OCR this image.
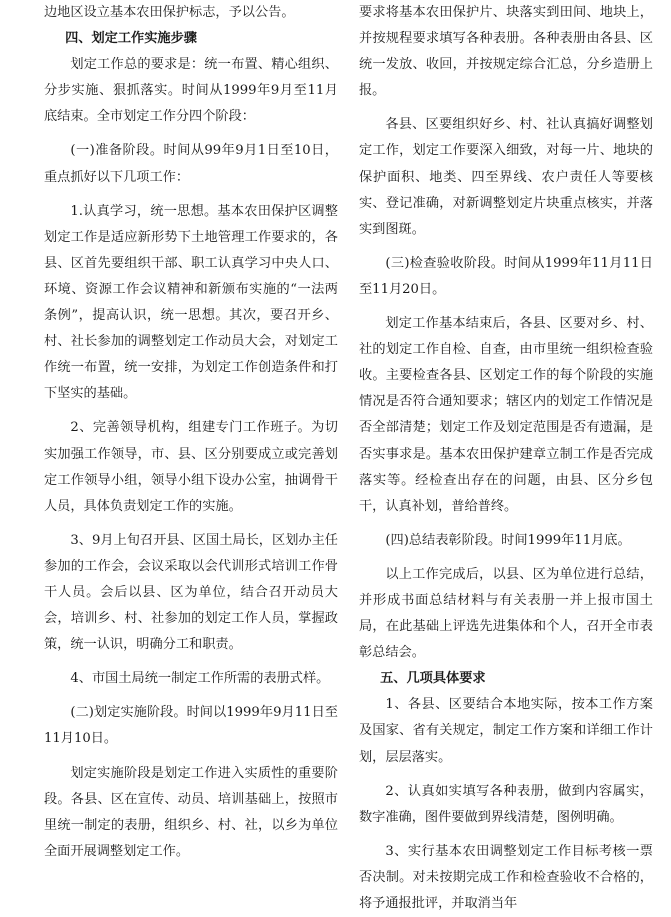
边地区设立基本农田保护标志，予以公告。

四、划定工作实施步骤

划定工作总的要求是：统一布置、精心组织、分步实施、狠抓落实。时间从1999年9月至11月底结束。全市划定工作分四个阶段：

(一)准备阶段。时间从99年9月1日至10日，重点抓好以下几项工作：

1.认真学习，统一思想。基本农田保护区调整划定工作是适应新形势下土地管理工作要求的，各县、区首先要组织干部、职工认真学习中央人口、环境、资源工作会议精神和新颁布实施的“一法两条例”，提高认识，统一思想。其次，要召开乡、村、社长参加的调整划定工作动员大会，对划定工作统一布置，统一安排，为划定工作创造条件和打下坚实的基础。

2、完善领导机构，组建专门工作班子。为切实加强工作领导，市、县、区分别要成立或完善划定工作领导小组，领导小组下设办公室，抽调骨干人员，具体负责划定工作的实施。

3、9月上旬召开县、区国土局长，区划办主任参加的工作会，会议采取以会代训形式培训工作骨干人员。会后以县、区为单位，结合召开动员大会，培训乡、村、社参加的划定工作人员，掌握政策，统一认识，明确分工和职责。

4、市国土局统一制定工作所需的表册式样。

(二)划定实施阶段。时间以1999年9月11日至11月10日。

划定实施阶段是划定工作进入实质性的重要阶段。各县、区在宣传、动员、培训基础上，按照市里统一制定的表册，组织乡、村、社，以乡为单位全面开展调整划定工作。

要求将基本农田保护片、块落实到田间、地块上，并按规程要求填写各种表册。各种表册由各县、区统一发放、收回，并按规定综合汇总，分乡造册上报。

各县、区要组织好乡、村、社认真搞好调整划定工作，划定工作要深入细致，对每一片、地块的保护面积、地类、四至界线、农户责任人等要核实、登记准确，对新调整划定片块重点核实，并落实到图斑。

(三)检查验收阶段。时间从1999年11月11日至11月20日。

划定工作基本结束后，各县、区要对乡、村、社的划定工作自检、自查，由市里统一组织检查验收。主要检查各县、区划定工作的每个阶段的实施情况是否符合通知要求；辖区内的划定工作情况是否全部清楚；划定工作及划定范围是否有遗漏，是否实事求是。基本农田保护建章立制工作是否完成落实等。经检查出存在的问题，由县、区分乡包干，认真补划，普给普终。

(四)总结表彰阶段。时间1999年11月底。

以上工作完成后，以县、区为单位进行总结，并形成书面总结材料与有关表册一并上报市国土局，在此基础上评选先进集体和个人，召开全市表彰总结会。

五、几项具体要求

1、各县、区要结合本地实际，按本工作方案及国家、省有关规定，制定工作方案和详细工作计划，层层落实。

2、认真如实填写各种表册，做到内容属实，数字准确，图件要做到界线清楚，图例明确。

3、实行基本农田调整划定工作目标考核一票否决制。对未按期完成工作和检查验收不合格的，将予通报批评，并取消当年
